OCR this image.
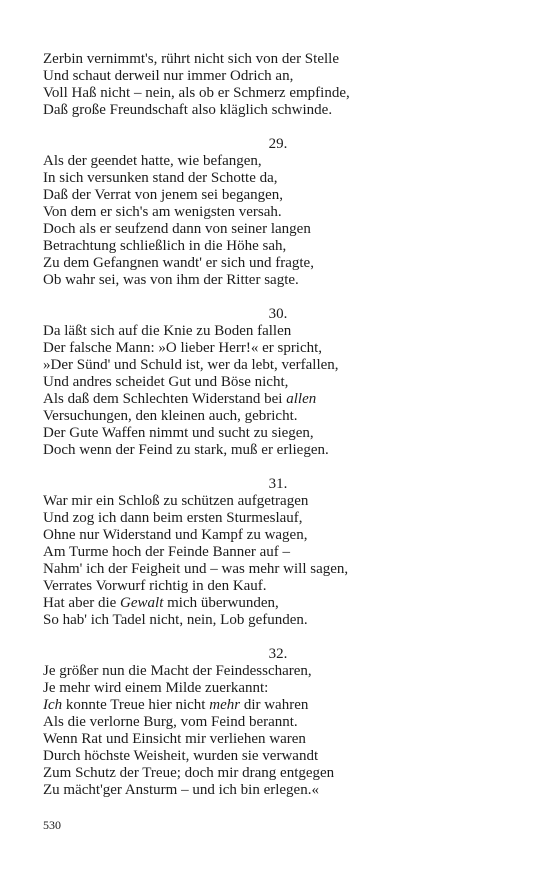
Zerbin vernimmt's, rührt nicht sich von der Stelle
Und schaut derweil nur immer Odrich an,
Voll Haß nicht – nein, als ob er Schmerz empfinde,
Daß große Freundschaft also kläglich schwinde.
29.
Als der geendet hatte, wie befangen,
In sich versunken stand der Schotte da,
Daß der Verrat von jenem sei begangen,
Von dem er sich's am wenigsten versah.
Doch als er seufzend dann von seiner langen
Betrachtung schließlich in die Höhe sah,
Zu dem Gefangnen wandt' er sich und fragte,
Ob wahr sei, was von ihm der Ritter sagte.
30.
Da läßt sich auf die Knie zu Boden fallen
Der falsche Mann: »O lieber Herr!« er spricht,
»Der Sünd' und Schuld ist, wer da lebt, verfallen,
Und andres scheidet Gut und Böse nicht,
Als daß dem Schlechten Widerstand bei allen
Versuchungen, den kleinen auch, gebricht.
Der Gute Waffen nimmt und sucht zu siegen,
Doch wenn der Feind zu stark, muß er erliegen.
31.
War mir ein Schloß zu schützen aufgetragen
Und zog ich dann beim ersten Sturmeslauf,
Ohne nur Widerstand und Kampf zu wagen,
Am Turme hoch der Feinde Banner auf –
Nahm' ich der Feigheit und – was mehr will sagen,
Verrates Vorwurf richtig in den Kauf.
Hat aber die Gewalt mich überwunden,
So hab' ich Tadel nicht, nein, Lob gefunden.
32.
Je größer nun die Macht der Feindesscharen,
Je mehr wird einem Milde zuerkannt:
Ich konnte Treue hier nicht mehr dir wahren
Als die verlorne Burg, vom Feind berannt.
Wenn Rat und Einsicht mir verliehen waren
Durch höchste Weisheit, wurden sie verwandt
Zum Schutz der Treue; doch mir drang entgegen
Zu mächt'ger Ansturm – und ich bin erlegen.«
530
